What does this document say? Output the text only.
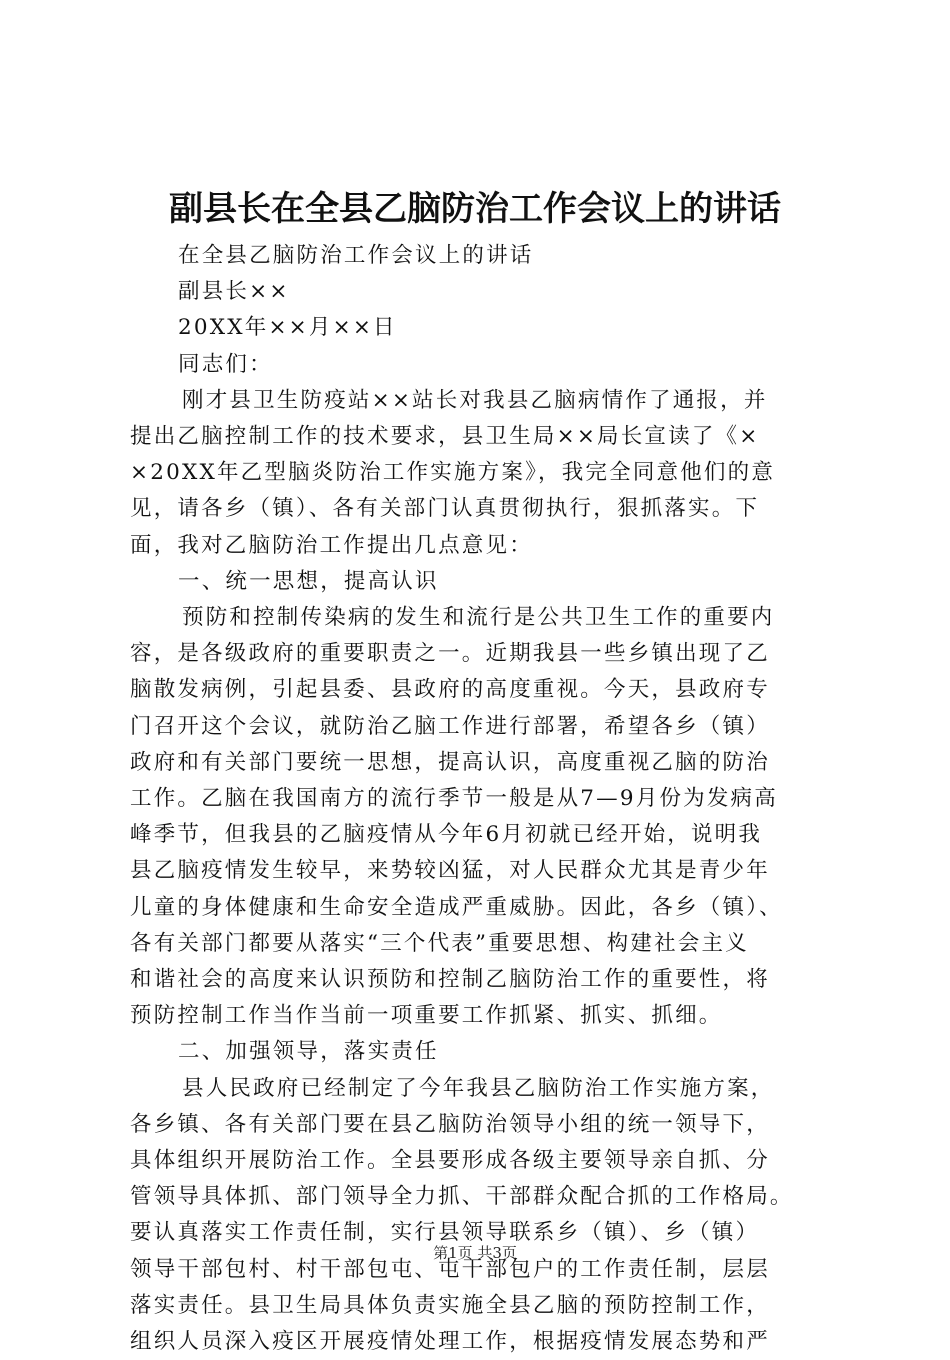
副县长在全县乙脑防治工作会议上的讲话
在全县乙脑防治工作会议上的讲话
副县长××
20XX年××月××日
同志们：
刚才县卫生防疫站××站长对我县乙脑病情作了通报，并
提出乙脑控制工作的技术要求，县卫生局××局长宣读了《×
×20XX年乙型脑炎防治工作实施方案》，我完全同意他们的意
见，请各乡（镇）、各有关部门认真贯彻执行，狠抓落实。下
面，我对乙脑防治工作提出几点意见：
一、统一思想，提高认识
预防和控制传染病的发生和流行是公共卫生工作的重要内
容，是各级政府的重要职责之一。近期我县一些乡镇出现了乙
脑散发病例，引起县委、县政府的高度重视。今天，县政府专
门召开这个会议，就防治乙脑工作进行部署，希望各乡（镇）
政府和有关部门要统一思想，提高认识，高度重视乙脑的防治
工作。乙脑在我国南方的流行季节一般是从7—9月份为发病高
峰季节，但我县的乙脑疫情从今年6月初就已经开始，说明我
县乙脑疫情发生较早，来势较凶猛，对人民群众尤其是青少年
儿童的身体健康和生命安全造成严重威胁。因此，各乡（镇）、
各有关部门都要从落实“三个代表”重要思想、构建社会主义
和谐社会的高度来认识预防和控制乙脑防治工作的重要性，将
预防控制工作当作当前一项重要工作抓紧、抓实、抓细。
二、加强领导，落实责任
县人民政府已经制定了今年我县乙脑防治工作实施方案，
各乡镇、各有关部门要在县乙脑防治领导小组的统一领导下，
具体组织开展防治工作。全县要形成各级主要领导亲自抓、分
管领导具体抓、部门领导全力抓、干部群众配合抓的工作格局。
要认真落实工作责任制，实行县领导联系乡（镇）、乡（镇）
领导干部包村、村干部包屯、屯干部包户的工作责任制，层层
落实责任。县卫生局具体负责实施全县乙脑的预防控制工作，
组织人员深入疫区开展疫情处理工作，根据疫情发展态势和严
第1页 共3页
